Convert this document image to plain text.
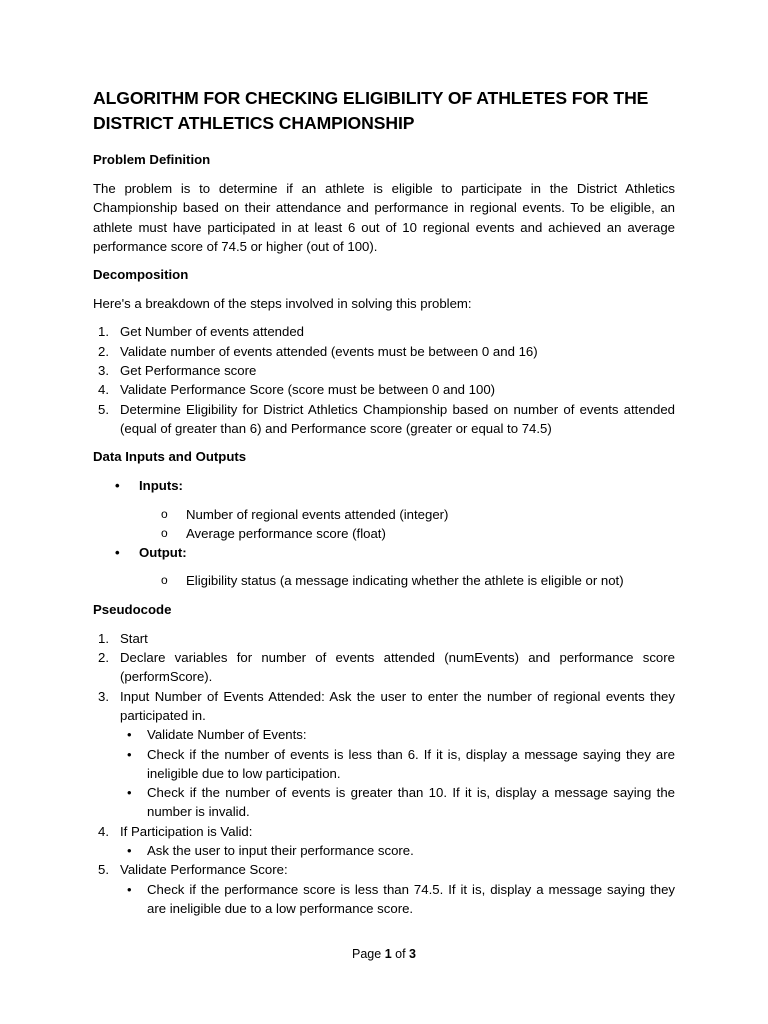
ALGORITHM FOR CHECKING ELIGIBILITY OF ATHLETES FOR THE DISTRICT ATHLETICS CHAMPIONSHIP
Problem Definition

The problem is to determine if an athlete is eligible to participate in the District Athletics Championship based on their attendance and performance in regional events. To be eligible, an athlete must have participated in at least 6 out of 10 regional events and achieved an average performance score of 74.5 or higher (out of 100).

Decomposition

Here's a breakdown of the steps involved in solving this problem:

1. Get Number of events attended
2. Validate number of events attended (events must be between 0 and 16)
3. Get Performance score
4. Validate Performance Score (score must be between 0 and 100)
5. Determine Eligibility for District Athletics Championship based on number of events attended (equal of greater than 6) and Performance score (greater or equal to 74.5)
Data Inputs and Outputs
• Inputs:
o Number of regional events attended (integer)
o Average performance score (float)
• Output:
o Eligibility status (a message indicating whether the athlete is eligible or not)
Pseudocode
1. Start
2. Declare variables for number of events attended (numEvents) and performance score (performScore).
3. Input Number of Events Attended: Ask the user to enter the number of regional events they participated in.
• Validate Number of Events:
• Check if the number of events is less than 6. If it is, display a message saying they are ineligible due to low participation.
• Check if the number of events is greater than 10. If it is, display a message saying the number is invalid.
4. If Participation is Valid:
• Ask the user to input their performance score.
5. Validate Performance Score:
• Check if the performance score is less than 74.5. If it is, display a message saying they are ineligible due to a low performance score.
Page 1 of 3
